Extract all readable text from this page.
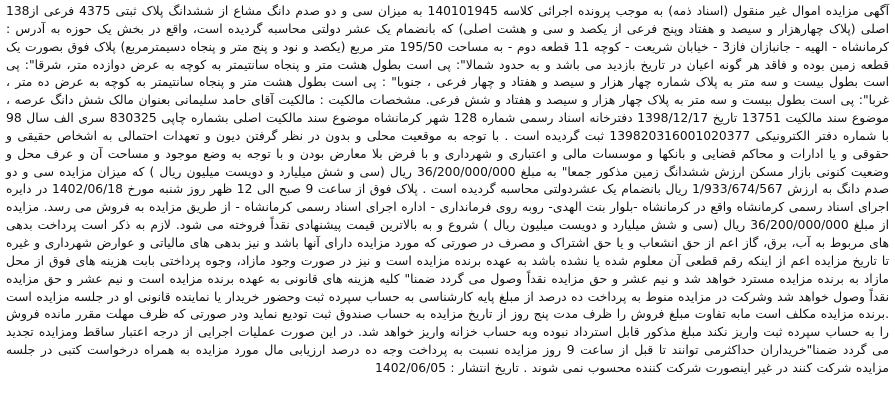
آگهی مزایده اموال غیر منقول (اسناد ذمه) به موجب پرونده اجرائی کلاسه 140101945 به میزان سی و دو صدم دانگ مشاع از ششدانگ پلاک ثبتی 4375 فرعی از138 اصلی (پلاک چهارهزار و سیصد و هفتاد وپنج فرعی از یکصد و سی و هشت اصلی) که بانضمام یک عشر دولتی محاسبه گردیده است، واقع در بخش یک حوزه به آدرس : کرمانشاه - الهیه - جانبازان فاز3 - خیابان شریعت - کوچه 11 قطعه دوم - به مساحت 195/50 متر مربع (یکصد و نود و پنج متر و پنجاه دسیمترمربع) پلاک فوق بصورت یک قطعه زمین بوده و فاقد هر گونه اعیان در تاریخ بازدید می باشد و به حدود شمالا": پی است بطول هشت متر و پنجاه سانتیمتر به کوچه به عرض دوازده متر، شرقا": پی است بطول بیست و سه متر به پلاک شماره چهار هزار و سیصد و هفتاد و چهار فرعی ، جنوبا" : پی است بطول هشت متر و پنجاه سانتیمتر به کوچه به عرض ده متر ، غربا": پی است بطول بیست و سه متر به پلاک چهار هزار و سیصد و هفتاد و شش فرعی. مشخصات مالکیت : مالکیت آقای حامد سلیمانی بعنوان مالک شش دانگ عرصه ، موضوع سند مالکیت 13751 تاریخ 1398/12/17 دفترخانه اسناد رسمی شماره 128 شهر کرمانشاه موضوع سند مالکیت اصلی بشماره چاپی 830325 سری الف سال 98 با شماره دفتر الکترونیکی 139820316001020377 ثبت گردیده است . با توجه به موقعیت محلی و بدون در نظر گرفتن دیون و تعهدات احتمالی به اشخاص حقیقی و حقوقی و یا ادارات و محاکم قضایی و بانکها و موسسات مالی و اعتباری و شهرداری و با فرض بلا معارض بودن و با توجه به وضع موجود و مساحت آن و عرف محل و وضعیت کنونی بازار مسکن ارزش ششدانگ زمین مذکور جمعا" به مبلغ 36/200/000/000 ریال (سی و شش میلیارد و دویست میلیون ریال ) که میزان مزایده سی و دو صدم دانگ به ارزش 1/933/674/567 ریال بانضمام یک عشردولتی محاسبه گردیده است . پلاک فوق از ساعت 9 صبح الی 12 ظهر روز شنبه مورخ 1402/06/18 در دایره اجرای اسناد رسمی کرمانشاه واقع در کرمانشاه -بلوار بنت الهدی- روبه روی فرمانداری - اداره اجرای اسناد رسمی کرمانشاه - از طریق مزایده به فروش می رسد. مزایده از مبلغ 36/200/000/000 ریال (سی و شش میلیارد و دویست میلیون ریال ) شروع و به بالاترین قیمت پیشنهادی نقداً فروخته می شود. لازم به ذکر است پرداخت بدهی های مربوط به آب، برق، گاز اعم از حق انشعاب و یا حق اشتراک و مصرف در صورتی که مورد مزایده دارای آنها باشد و نیز بدهی های مالیاتی و عوارض شهرداری و غیره تا تاریخ مزایده اعم از اینکه رقم قطعی آن معلوم شده یا نشده باشد به عهده برنده مزایده است و نیز در صورت وجود مازاد، وجوه پرداختی بابت هزینه های فوق از محل مازاد به برنده مزایده مسترد خواهد شد و نیم عشر و حق مزایده نقداً وصول می گردد ضمنا" کلیه هزینه های قانونی به عهده برنده مزایده است و نیم عشر و حق مزایده نقداً وصول خواهد شد وشرکت در مزایده منوط به پرداخت ده درصد از مبلغ پایه کارشناسی به حساب سپرده ثبت وحضور خریدار یا نماینده قانونی او در جلسه مزایده است .برنده مزایده مکلف است مابه تفاوت مبلغ فروش را ظرف مدت پنج روز از تاریخ مزایده به حساب صندوق ثبت تودیع نماید ودر صورتی که ظرف مهلت مقرر مانده فروش را به حساب سپرده ثبت واریز نکند مبلغ مذکور قابل استرداد نبوده وبه حساب خزانه واریز خواهد شد. در این صورت عملیات اجرایی از درجه اعتبار ساقط ومزایده تجدید می گردد ضمنا"خریداران حداکثرمی توانند تا قبل از ساعت 9 روز مزایده نسبت به پرداخت وجه ده درصد ارزیابی مال مورد مزایده به همراه درخواست کتبی در جلسه مزایده شرکت کنند در غیر اینصورت شرکت کننده محسوب نمی شوند . تاریخ انتشار : 1402/06/05
